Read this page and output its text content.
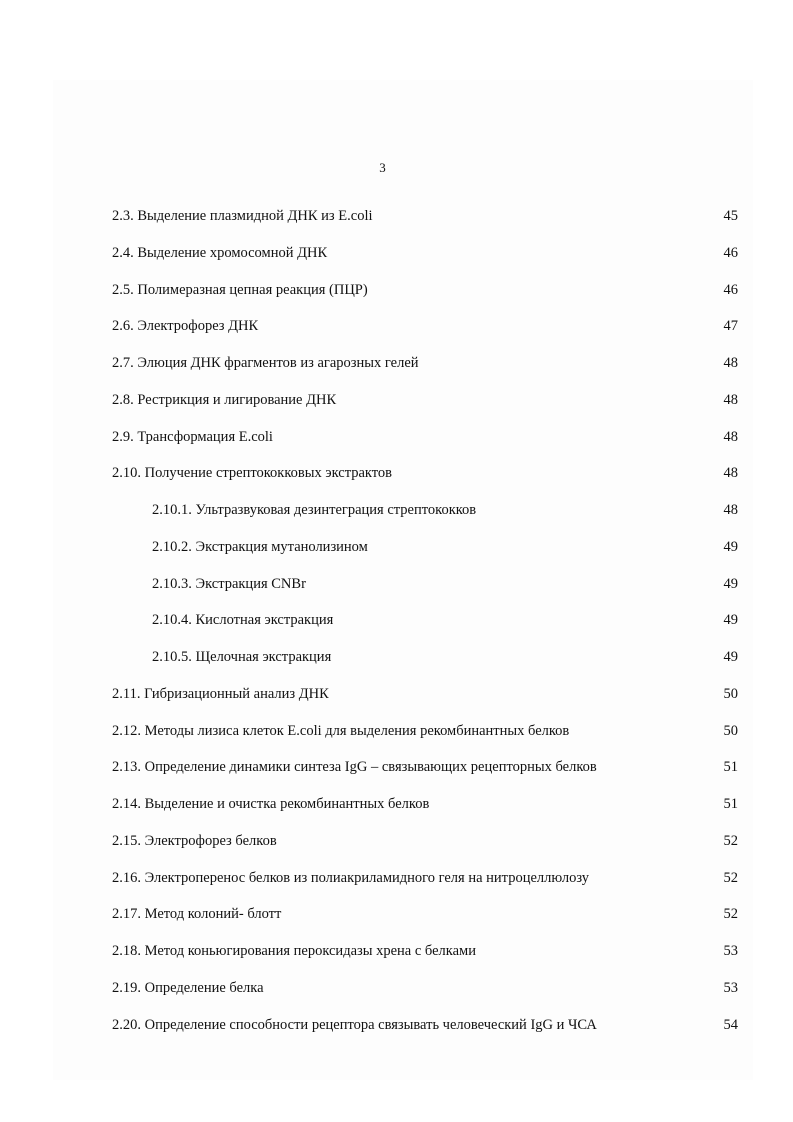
3
2.3. Выделение плазмидной ДНК из E.coli	45
2.4. Выделение хромосомной ДНК	46
2.5. Полимеразная цепная реакция (ПЦР)	46
2.6. Электрофорез ДНК	47
2.7. Элюция ДНК фрагментов из агарозных гелей	48
2.8. Рестрикция и лигирование ДНК	48
2.9. Трансформация E.coli	48
2.10. Получение стрептококковых экстрактов	48
2.10.1. Ультразвуковая дезинтеграция стрептококков	48
2.10.2. Экстракция мутанолизином	49
2.10.3. Экстракция CNBr	49
2.10.4. Кислотная экстракция	49
2.10.5. Щелочная экстракция	49
2.11. Гибризационный анализ ДНК	50
2.12. Методы лизиса клеток E.coli для выделения рекомбинантных белков	50
2.13. Определение динамики синтеза IgG – связывающих рецепторных белков	51
2.14. Выделение и очистка рекомбинантных белков	51
2.15. Электрофорез белков	52
2.16. Электроперенос белков из полиакриламидного геля на нитроцеллюлозу	52
2.17. Метод колоний- блотт	52
2.18. Метод коньюгирования пероксидазы хрена с белками	53
2.19. Определение белка	53
2.20. Определение способности рецептора связывать человеческий IgG и ЧСА	54
